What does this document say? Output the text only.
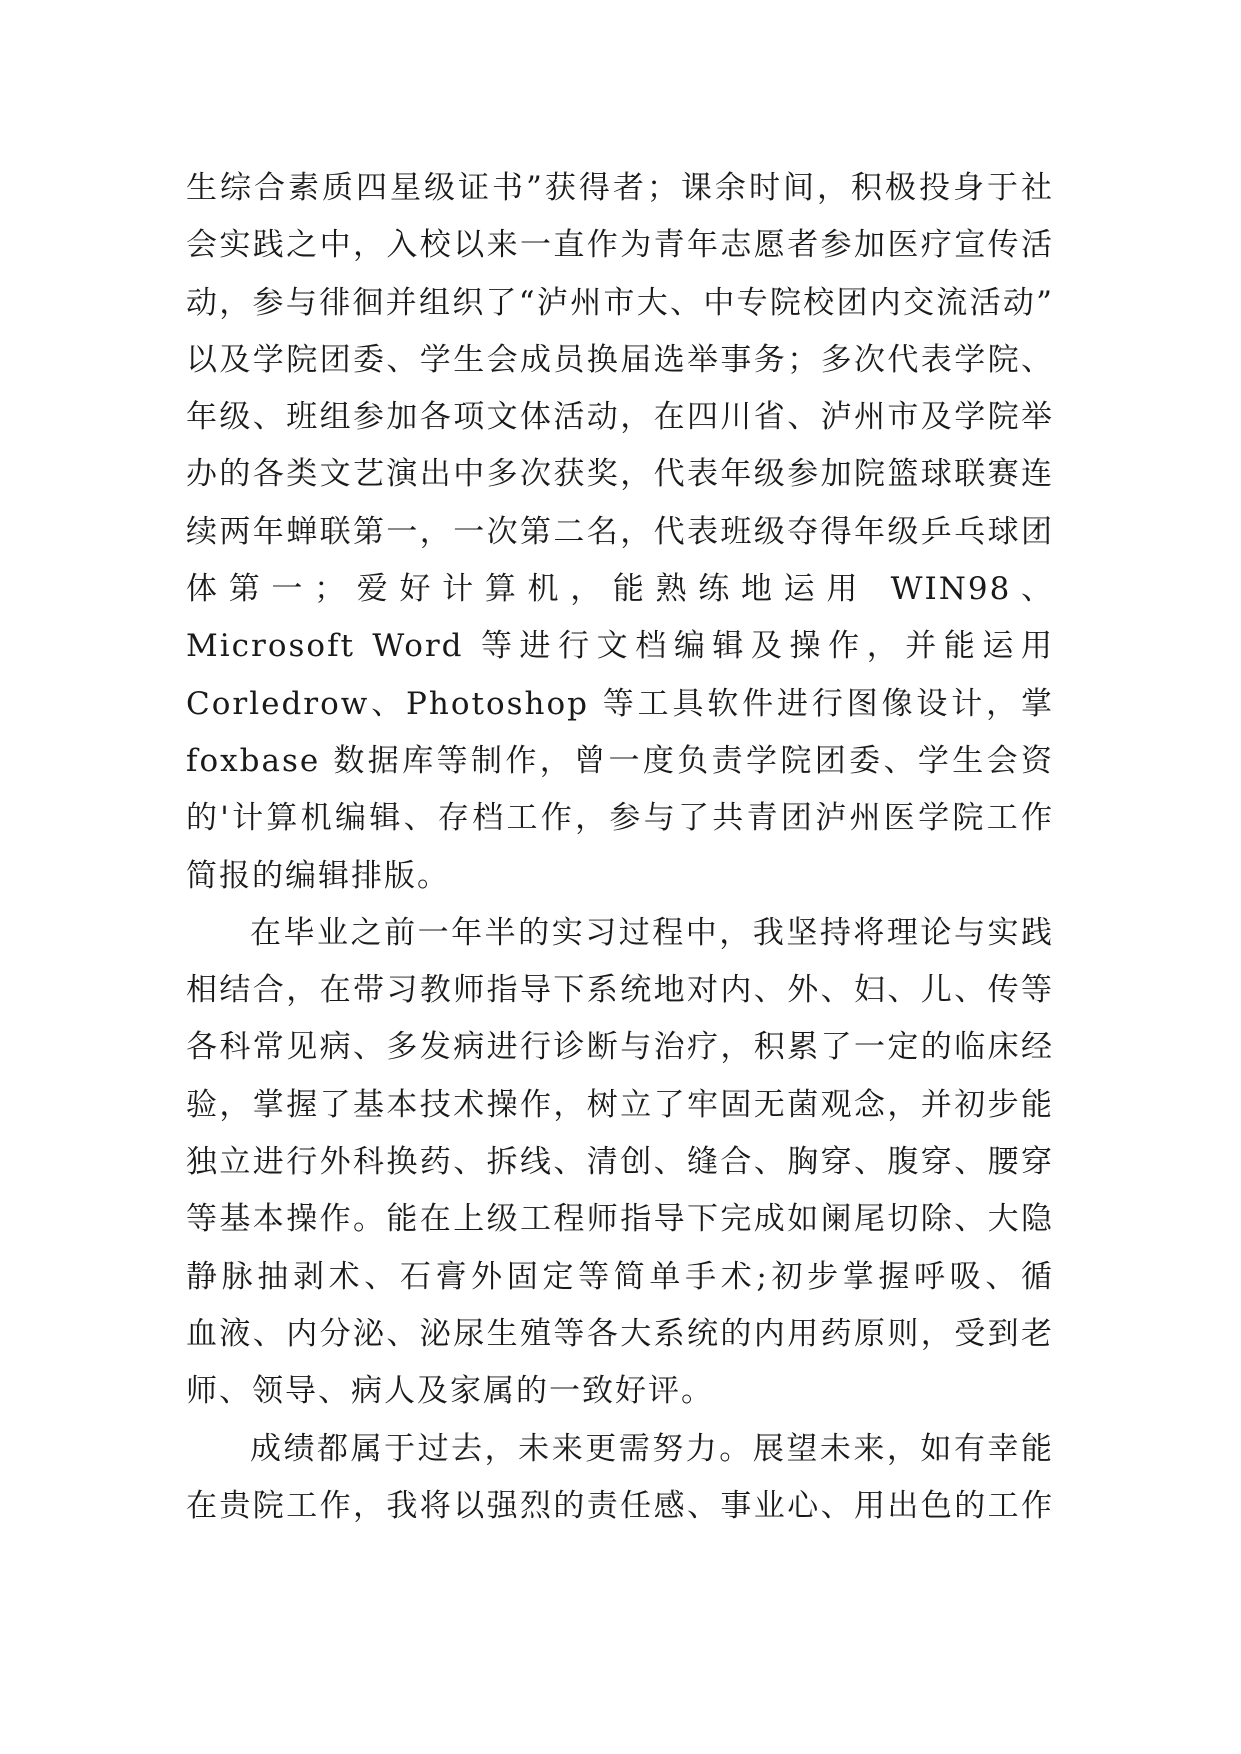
生综合素质四星级证书”获得者；课余时间，积极投身于社
会实践之中，入校以来一直作为青年志愿者参加医疗宣传活
动，参与徘徊并组织了“泸州市大、中专院校团内交流活动”
以及学院团委、学生会成员换届选举事务；多次代表学院、
年级、班组参加各项文体活动，在四川省、泸州市及学院举
办的各类文艺演出中多次获奖，代表年级参加院篮球联赛连
续两年蝉联第一，一次第二名，代表班级夺得年级乒乓球团
体第一；爱好计算机，能熟练地运用 WIN98、
Microsoft Word 等进行文档编辑及操作，并能运用
Corledrow、Photoshop 等工具软件进行图像设计，掌
foxbase 数据库等制作，曾一度负责学院团委、学生会资
的'计算机编辑、存档工作，参与了共青团泸州医学院工作
简报的编辑排版。
在毕业之前一年半的实习过程中，我坚持将理论与实践
相结合，在带习教师指导下系统地对内、外、妇、儿、传等
各科常见病、多发病进行诊断与治疗，积累了一定的临床经
验，掌握了基本技术操作，树立了牢固无菌观念，并初步能
独立进行外科换药、拆线、清创、缝合、胸穿、腹穿、腰穿
等基本操作。能在上级工程师指导下完成如阑尾切除、大隐
静脉抽剥术、石膏外固定等简单手术;初步掌握呼吸、循
血液、内分泌、泌尿生殖等各大系统的内用药原则，受到老
师、领导、病人及家属的一致好评。
成绩都属于过去，未来更需努力。展望未来，如有幸能
在贵院工作，我将以强烈的责任感、事业心、用出色的工作
